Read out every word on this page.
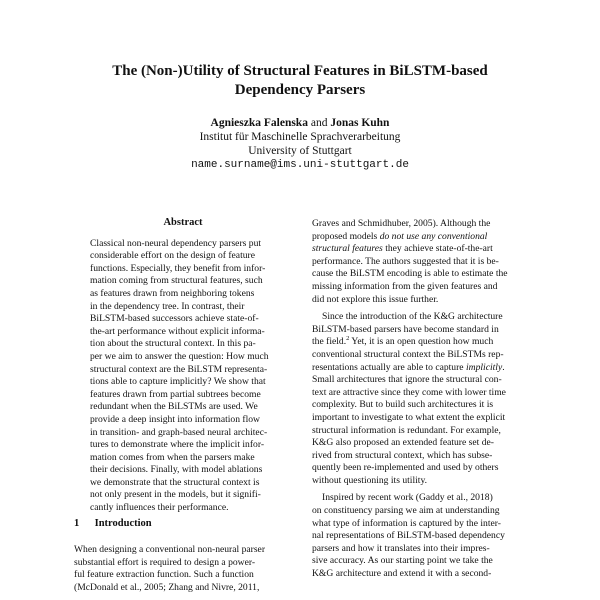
The (Non-)Utility of Structural Features in BiLSTM-based
Dependency Parsers
Agnieszka Falenska and Jonas Kuhn
Institut für Maschinelle Sprachverarbeitung
University of Stuttgart
name.surname@ims.uni-stuttgart.de
Abstract
Classical non-neural dependency parsers put
considerable effort on the design of feature
functions. Especially, they benefit from infor-
mation coming from structural features, such
as features drawn from neighboring tokens
in the dependency tree. In contrast, their
BiLSTM-based successors achieve state-of-
the-art performance without explicit informa-
tion about the structural context. In this pa-
per we aim to answer the question: How much
structural context are the BiLSTM representa-
tions able to capture implicitly? We show that
features drawn from partial subtrees become
redundant when the BiLSTMs are used. We
provide a deep insight into information flow
in transition- and graph-based neural architec-
tures to demonstrate where the implicit infor-
mation comes from when the parsers make
their decisions. Finally, with model ablations
we demonstrate that the structural context is
not only present in the models, but it signifi-
cantly influences their performance.
1 Introduction
When designing a conventional non-neural parser
substantial effort is required to design a power-
ful feature extraction function. Such a function
(McDonald et al., 2005; Zhang and Nivre, 2011,
Graves and Schmidhuber, 2005). Although the
proposed models do not use any conventional
structural features they achieve state-of-the-art
performance. The authors suggested that it is be-
cause the BiLSTM encoding is able to estimate the
missing information from the given features and
did not explore this issue further.
Since the introduction of the K&G architecture
BiLSTM-based parsers have become standard in
the field.$^2$ Yet, it is an open question how much
conventional structural context the BiLSTMs rep-
resentations actually are able to capture implicitly.
Small architectures that ignore the structural con-
text are attractive since they come with lower time
complexity. But to build such architectures it is
important to investigate to what extent the explicit
structural information is redundant. For example,
K&G also proposed an extended feature set de-
rived from structural context, which has subse-
quently been re-implemented and used by others
without questioning its utility.
Inspired by recent work (Gaddy et al., 2018)
on constituency parsing we aim at understanding
what type of information is captured by the inter-
nal representations of BiLSTM-based dependency
parsers and how it translates into their impres-
sive accuracy. As our starting point we take the
K&G architecture and extend it with a second-
